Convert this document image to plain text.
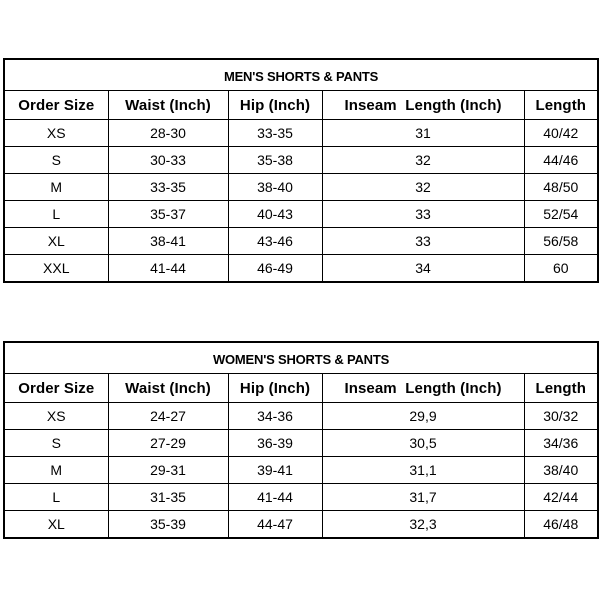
MEN'S SHORTS & PANTS				
Order Size	Waist (Inch)	Hip (Inch)	Inseam  Length (Inch)	Length
XS	28-30	33-35	31	40/42
S	30-33	35-38	32	44/46
M	33-35	38-40	32	48/50
L	35-37	40-43	33	52/54
XL	38-41	43-46	33	56/58
XXL	41-44	46-49	34	60
WOMEN'S SHORTS & PANTS				
Order Size	Waist (Inch)	Hip (Inch)	Inseam  Length (Inch)	Length
XS	24-27	34-36	29,9	30/32
S	27-29	36-39	30,5	34/36
M	29-31	39-41	31,1	38/40
L	31-35	41-44	31,7	42/44
XL	35-39	44-47	32,3	46/48
